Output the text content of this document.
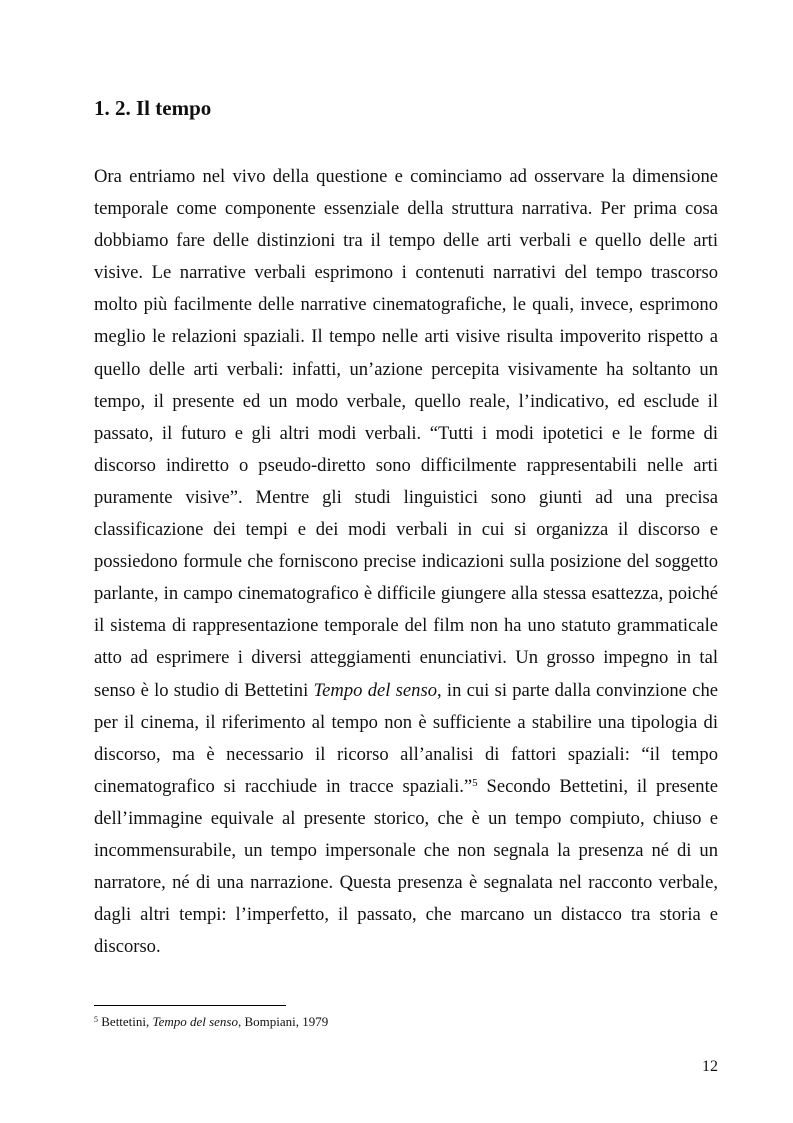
1. 2. Il tempo

Ora entriamo nel vivo della questione e cominciamo ad osservare la dimensione temporale come componente essenziale della struttura narrativa. Per prima cosa dobbiamo fare delle distinzioni tra il tempo delle arti verbali e quello delle arti visive. Le narrative verbali esprimono i contenuti narrativi del tempo trascorso molto più facilmente delle narrative cinematografiche, le quali, invece, esprimono meglio le relazioni spaziali. Il tempo nelle arti visive risulta impoverito rispetto a quello delle arti verbali: infatti, un’azione percepita visivamente ha soltanto un tempo, il presente ed un modo verbale, quello reale, l’indicativo, ed esclude il passato, il futuro e gli altri modi verbali. “Tutti i modi ipotetici e le forme di discorso indiretto o pseudo-diretto sono difficilmente rappresentabili nelle arti puramente visive”. Mentre gli studi linguistici sono giunti ad una precisa classificazione dei tempi e dei modi verbali in cui si organizza il discorso e possiedono formule che forniscono precise indicazioni sulla posizione del soggetto parlante, in campo cinematografico è difficile giungere alla stessa esattezza, poiché il sistema di rappresentazione temporale del film non ha uno statuto grammaticale atto ad esprimere i diversi atteggiamenti enunciativi. Un grosso impegno in tal senso è lo studio di Bettetini Tempo del senso, in cui si parte dalla convinzione che per il cinema, il riferimento al tempo non è sufficiente a stabilire una tipologia di discorso, ma è necessario il ricorso all’analisi di fattori spaziali: “il tempo cinematografico si racchiude in tracce spaziali.”$^5$ Secondo Bettetini, il presente dell’immagine equivale al presente storico, che è un tempo compiuto, chiuso e incommensurabile, un tempo impersonale che non segnala la presenza né di un narratore, né di una narrazione. Questa presenza è segnalata nel racconto verbale, dagli altri tempi: l’imperfetto, il passato, che marcano un distacco tra storia e discorso.

$^5$ Bettetini, Tempo del senso, Bompiani, 1979

12
